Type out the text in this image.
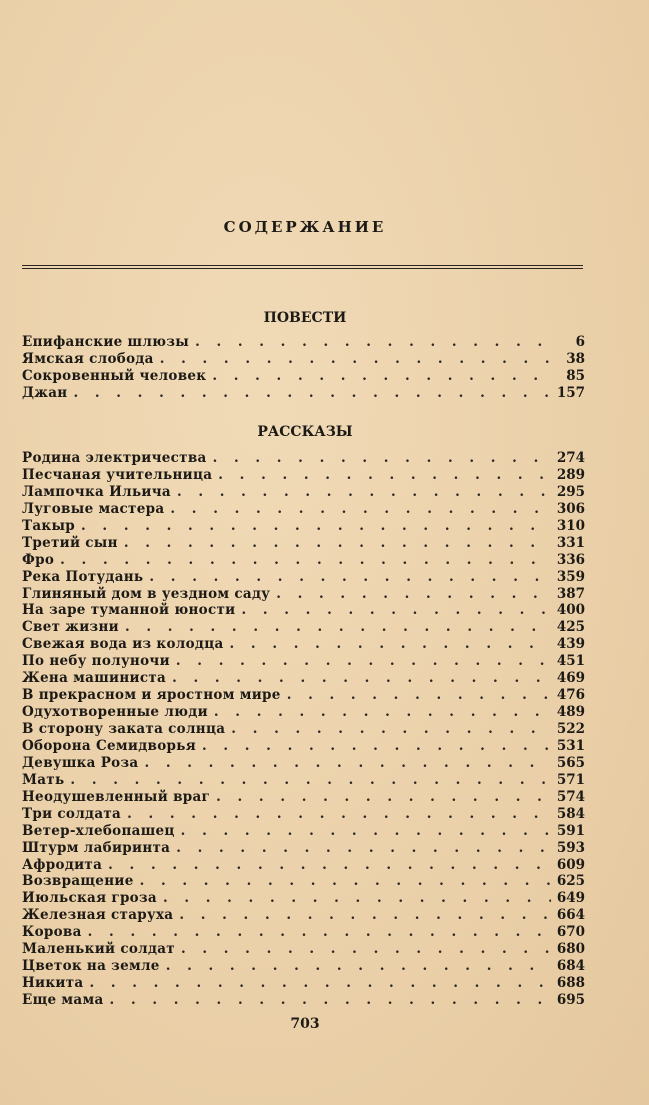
СОДЕРЖАНИЕ
ПОВЕСТИ
Епифанские шлюзы . . .	6
Ямская слобода . . .	38
Сокровенный человек . . .	85
Джан . . .	157
РАССКАЗЫ
Родина электричества . . .	274
Песчаная учительница . . .	289
Лампочка Ильича . . .	295
Луговые мастера . . .	306
Такыр . . .	310
Третий сын . . .	331
Фро . . .	336
Река Потудань . . .	359
Глиняный дом в уездном саду . . .	387
На заре туманной юности . . .	400
Свет жизни . . .	425
Свежая вода из колодца . . .	439
По небу полуночи . . .	451
Жена машиниста . . .	469
В прекрасном и яростном мире . . .	476
Одухотворенные люди . . .	489
В сторону заката солнца . . .	522
Оборона Семидворья . . .	531
Девушка Роза . . .	565
Мать . . .	571
Неодушевленный враг . . .	574
Три солдата . . .	584
Ветер-хлебопашец . . .	591
Штурм лабиринта . . .	593
Афродита . . .	609
Возвращение . . .	625
Июльская гроза . . .	649
Железная старуха . . .	664
Корова . . .	670
Маленький солдат . . .	680
Цветок на земле . . .	684
Никита . . .	688
Еще мама . . .	695
703
